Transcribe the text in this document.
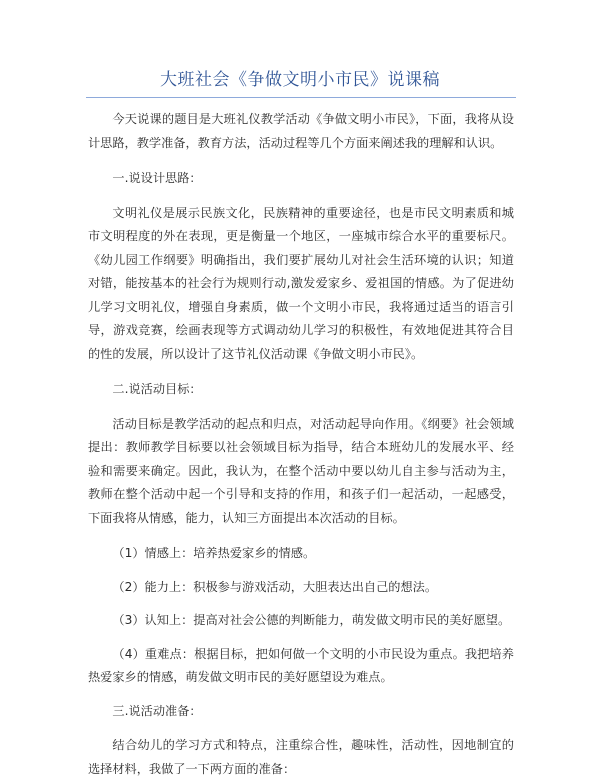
大班社会《争做文明小市民》说课稿

今天说课的题目是大班礼仪教学活动《争做文明小市民》，下面，我将从设计思路，教学准备，教育方法，活动过程等几个方面来阐述我的理解和认识。

一.说设计思路：

文明礼仪是展示民族文化，民族精神的重要途径，也是市民文明素质和城市文明程度的外在表现，更是衡量一个地区，一座城市综合水平的重要标尺。《幼儿园工作纲要》明确指出，我们要扩展幼儿对社会生活环境的认识；知道对错，能按基本的社会行为规则行动,激发爱家乡、爱祖国的情感。为了促进幼儿学习文明礼仪，增强自身素质，做一个文明小市民，我将通过适当的语言引导，游戏竞赛，绘画表现等方式调动幼儿学习的积极性，有效地促进其符合目的性的发展，所以设计了这节礼仪活动课《争做文明小市民》。

二.说活动目标：

活动目标是教学活动的起点和归点，对活动起导向作用。《纲要》社会领域提出：教师教学目标要以社会领域目标为指导，结合本班幼儿的发展水平、经验和需要来确定。因此，我认为，在整个活动中要以幼儿自主参与活动为主，教师在整个活动中起一个引导和支持的作用，和孩子们一起活动，一起感受，下面我将从情感，能力，认知三方面提出本次活动的目标。

（1）情感上：培养热爱家乡的情感。

（2）能力上：积极参与游戏活动，大胆表达出自己的想法。

（3）认知上：提高对社会公德的判断能力，萌发做文明市民的美好愿望。

（4）重难点：根据目标，把如何做一个文明的小市民设为重点。我把培养热爱家乡的情感，萌发做文明市民的美好愿望设为难点。

三.说活动准备：

结合幼儿的学习方式和特点，注重综合性，趣味性，活动性，因地制宜的选择材料，我做了一下两方面的准备：
